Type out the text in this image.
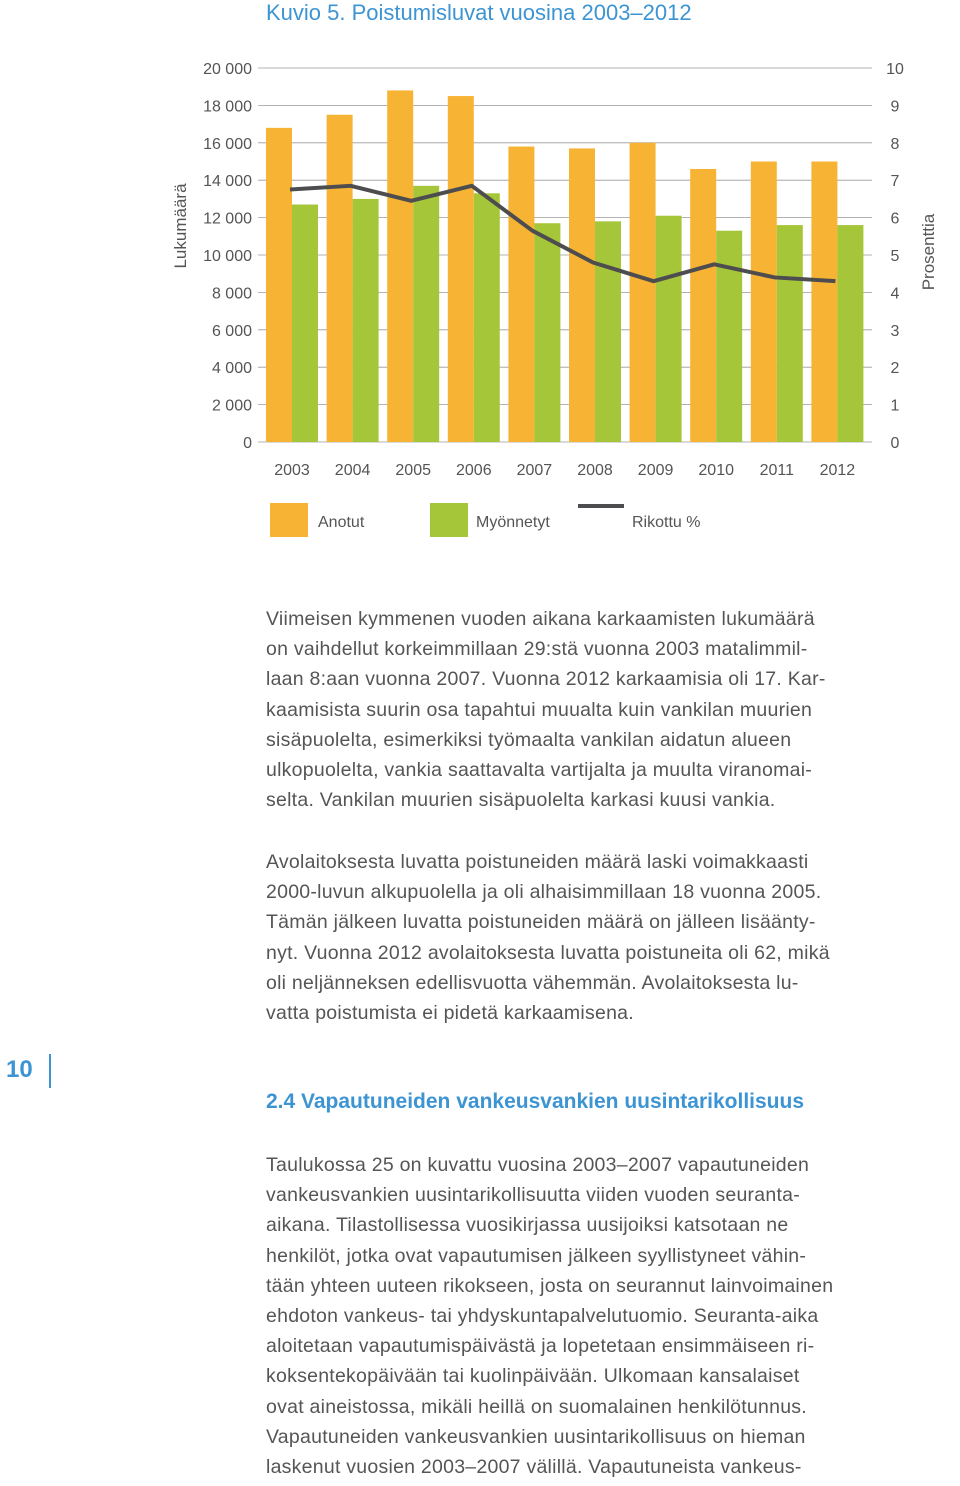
Kuvio 5. Poistumisluvat vuosina 2003–2012
0
2 000
4 000
6 000
8 000
10 000
12 000
14 000
16 000
18 000
20 000
0
1
2
3
4
5
6
7
8
9
10
Lukumäärä	Prosenttia
2003 2004 2005 2006 2007 2008 2009 2010 2011 2012
Anotut	Myönnetyt	Rikottu %
Viimeisen kymmenen vuoden aikana karkaamisten lukumäärä
on vaihdellut korkeimmillaan 29:stä vuonna 2003 matalimmil-
laan 8:aan vuonna 2007. Vuonna 2012 karkaamisia oli 17. Kar-
kaamisista suurin osa tapahtui muualta kuin vankilan muurien
sisäpuolelta, esimerkiksi työmaalta vankilan aidatun alueen
ulkopuolelta, vankia saattavalta vartijalta ja muulta viranomai-
selta. Vankilan muurien sisäpuolelta karkasi kuusi vankia.
Avolaitoksesta luvatta poistuneiden määrä laski voimakkaasti
2000-luvun alkupuolella ja oli alhaisimmillaan 18 vuonna 2005.
Tämän jälkeen luvatta poistuneiden määrä on jälleen lisäänty-
nyt. Vuonna 2012 avolaitoksesta luvatta poistuneita oli 62, mikä
oli neljänneksen edellisvuotta vähemmän. Avolaitoksesta lu-
vatta poistumista ei pidetä karkaamisena.
10
2.4 Vapautuneiden vankeusvankien uusintarikollisuus
Taulukossa 25 on kuvattu vuosina 2003–2007 vapautuneiden
vankeusvankien uusintarikollisuutta viiden vuoden seuranta-
aikana. Tilastollisessa vuosikirjassa uusijoiksi katsotaan ne
henkilöt, jotka ovat vapautumisen jälkeen syyllistyneet vähin-
tään yhteen uuteen rikokseen, josta on seurannut lainvoimainen
ehdoton vankeus- tai yhdyskuntapalvelutuomio. Seuranta-aika
aloitetaan vapautumispäivästä ja lopetetaan ensimmäiseen ri-
koksentekopäivään tai kuolinpäivään. Ulkomaan kansalaiset
ovat aineistossa, mikäli heillä on suomalainen henkilötunnus.
Vapautuneiden vankeusvankien uusintarikollisuus on hieman
laskenut vuosien 2003–2007 välillä. Vapautuneista vankeus-
